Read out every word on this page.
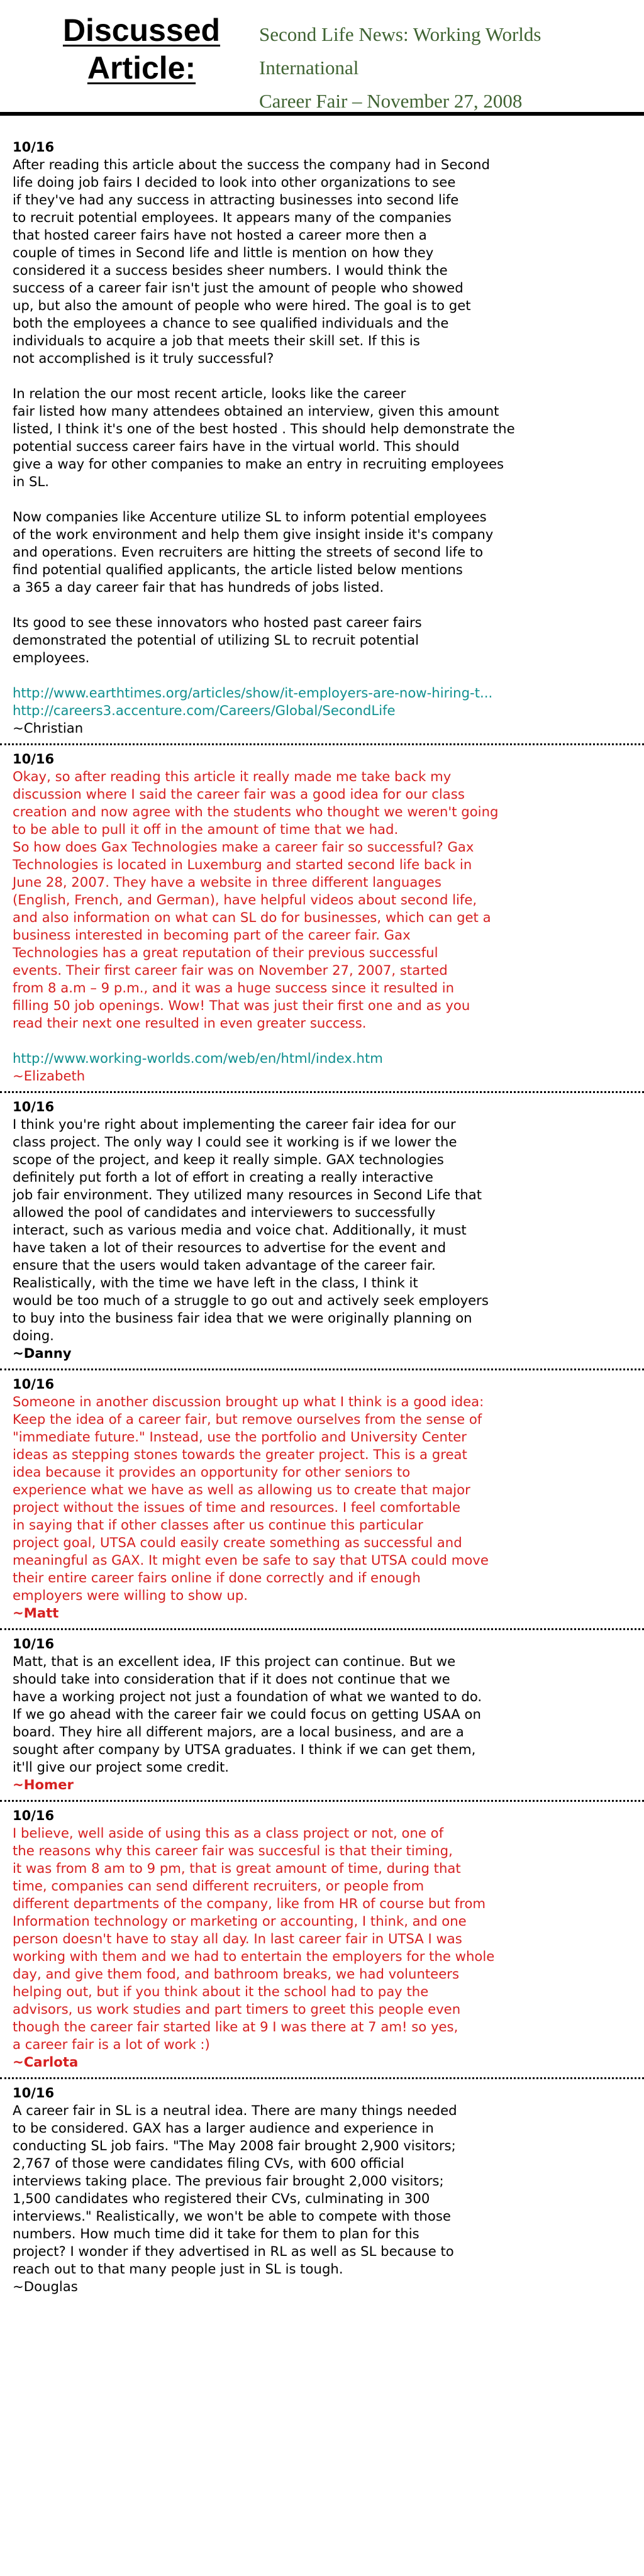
Discussed
Article:
Second Life News: Working Worlds International
Career Fair – November 27, 2008
10/16

After reading this article about the success the company had in Second
life doing job fairs I decided to look into other organizations to see
if they've had any success in attracting businesses into second life
to recruit potential employees. It appears many of the companies
that hosted career fairs have not hosted a career more then a
couple of times in Second life and little is mention on how they
considered it a success besides sheer numbers. I would think the
success of a career fair isn't just the amount of people who showed
up, but also the amount of people who were hired. The goal is to get
both the employees a chance to see qualified individuals and the
individuals to acquire a job that meets their skill set. If this is
not accomplished is it truly successful?

In relation the our most recent article, looks like the career
fair listed how many attendees obtained an interview, given this amount
listed, I think it's one of the best hosted . This should help demonstrate the
potential success career fairs have in the virtual world. This should
give a way for other companies to make an entry in recruiting employees
in SL.

Now companies like Accenture utilize SL to inform potential employees
of the work environment and help them give insight inside it's company
and operations. Even recruiters are hitting the streets of second life to
find potential qualified applicants, the article listed below mentions
a 365 a day career fair that has hundreds of jobs listed.

Its good to see these innovators who hosted past career fairs
demonstrated the potential of utilizing SL to recruit potential
employees.

http://www.earthtimes.org/articles/show/it-employers-are-now-hiring-t...
http://careers3.accenture.com/Careers/Global/SecondLife
~Christian
10/16

Okay, so after reading this article it really made me take back my
discussion where I said the career fair was a good idea for our class
creation and now agree with the students who thought we weren't going
to be able to pull it off in the amount of time that we had.
So how does Gax Technologies make a career fair so successful? Gax
Technologies is located in Luxemburg and started second life back in
June 28, 2007. They have a website in three different languages
(English, French, and German), have helpful videos about second life,
and also information on what can SL do for businesses, which can get a
business interested in becoming part of the career fair. Gax
Technologies has a great reputation of their previous successful
events. Their first career fair was on November 27, 2007, started
from 8 a.m – 9 p.m., and it was a huge success since it resulted in
filling 50 job openings. Wow! That was just their first one and as you
read their next one resulted in even greater success.

http://www.working-worlds.com/web/en/html/index.htm
~Elizabeth
10/16

I think you're right about implementing the career fair idea for our
class project. The only way I could see it working is if we lower the
scope of the project, and keep it really simple. GAX technologies
definitely put forth a lot of effort in creating a really interactive
job fair environment. They utilized many resources in Second Life that
allowed the pool of candidates and interviewers to successfully
interact, such as various media and voice chat. Additionally, it must
have taken a lot of their resources to advertise for the event and
ensure that the users would taken advantage of the career fair.
Realistically, with the time we have left in the class, I think it
would be too much of a struggle to go out and actively seek employers
to buy into the business fair idea that we were originally planning on
doing.

~Danny
10/16

Someone in another discussion brought up what I think is a good idea:
Keep the idea of a career fair, but remove ourselves from the sense of
"immediate future." Instead, use the portfolio and University Center
ideas as stepping stones towards the greater project. This is a great
idea because it provides an opportunity for other seniors to
experience what we have as well as allowing us to create that major
project without the issues of time and resources. I feel comfortable
in saying that if other classes after us continue this particular
project goal, UTSA could easily create something as successful and
meaningful as GAX. It might even be safe to say that UTSA could move
their entire career fairs online if done correctly and if enough
employers were willing to show up.

~Matt
10/16

Matt, that is an excellent idea, IF this project can continue. But we
should take into consideration that if it does not continue that we
have a working project not just a foundation of what we wanted to do.
If we go ahead with the career fair we could focus on getting USAA on
board. They hire all different majors, are a local business, and are a
sought after company by UTSA graduates. I think if we can get them,
it'll give our project some credit.

~Homer
10/16

I believe, well aside of using this as a class project or not, one of
the reasons why this career fair was succesful is that their timing,
it was from 8 am to 9 pm, that is great amount of time, during that
time, companies can send different recruiters, or people from
different departments of the company, like from HR of course but from
Information technology or marketing or accounting, I think, and one
person doesn't have to stay all day. In last career fair in UTSA I was
working with them and we had to entertain the employers for the whole
day, and give them food, and bathroom breaks, we had volunteers
helping out, but if you think about it the school had to pay the
advisors, us work studies and part timers to greet this people even
though the career fair started like at 9 I was there at 7 am! so yes,
a career fair is a lot of work :)

~Carlota
10/16

A career fair in SL is a neutral idea. There are many things needed
to be considered. GAX has a larger audience and experience in
conducting SL job fairs. "The May 2008 fair brought 2,900 visitors;
2,767 of those were candidates filing CVs, with 600 official
interviews taking place. The previous fair brought 2,000 visitors;
1,500 candidates who registered their CVs, culminating in 300
interviews." Realistically, we won't be able to compete with those
numbers. How much time did it take for them to plan for this
project? I wonder if they advertised in RL as well as SL because to
reach out to that many people just in SL is tough.

~Douglas
